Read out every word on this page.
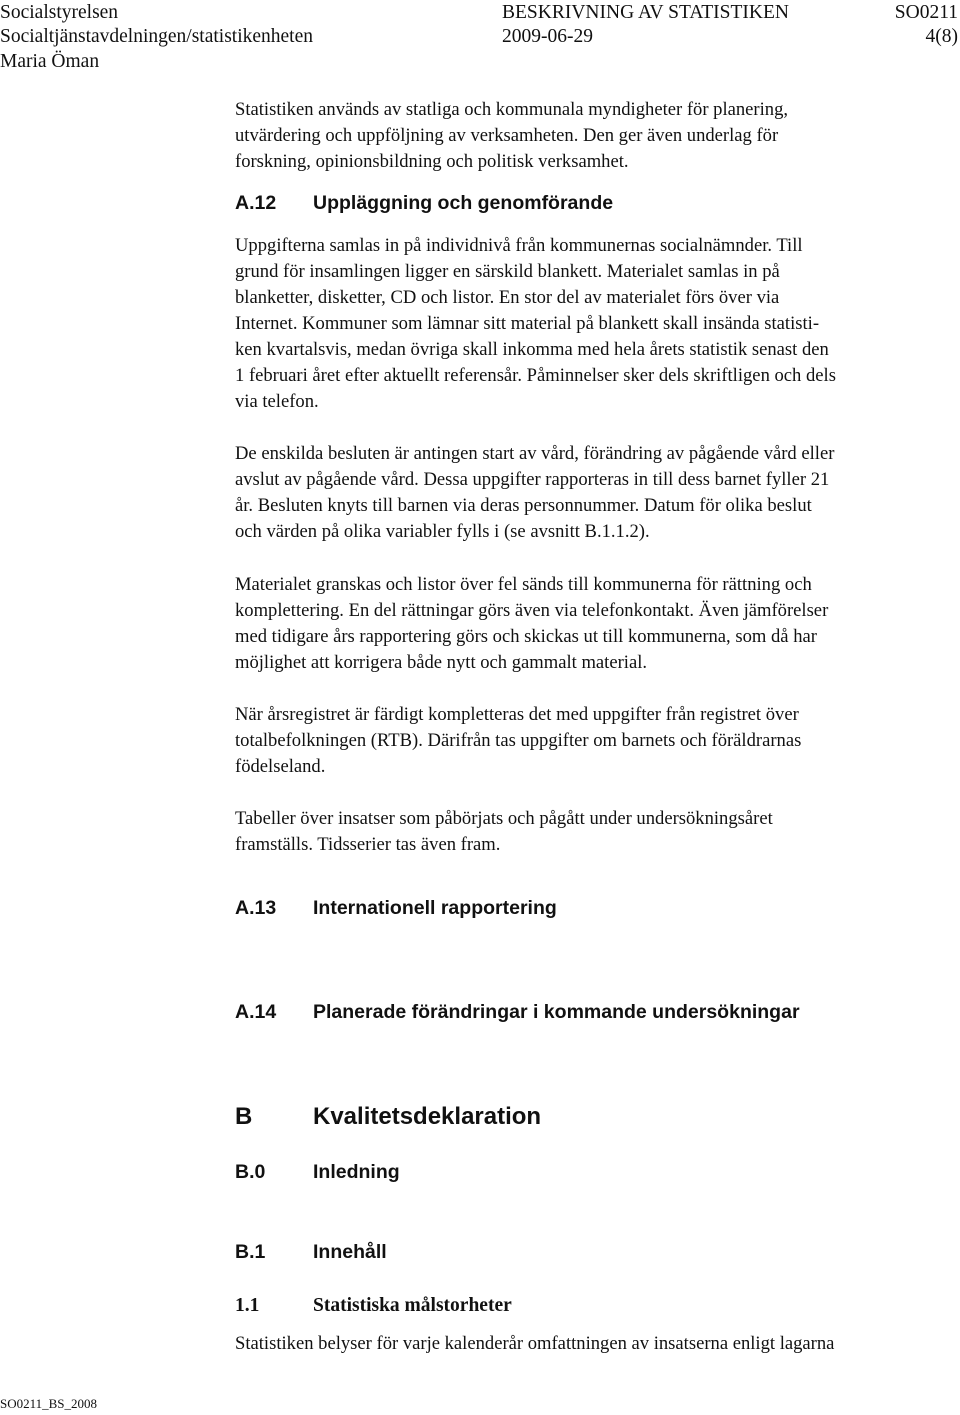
Socialstyrelsen	BESKRIVNING AV STATISTIKEN	SO0211
Socialtjänstavdelningen/statistikenheten	2009-06-29	4(8)
Maria Öman
Statistiken används av statliga och kommunala myndigheter för planering,
utvärdering och uppföljning av verksamheten. Den ger även underlag för
forskning, opinionsbildning och politisk verksamhet.
A.12 Uppläggning och genomförande
Uppgifterna samlas in på individnivå från kommunernas socialnämnder. Till
grund för insamlingen ligger en särskild blankett. Materialet samlas in på
blanketter, disketter, CD och listor. En stor del av materialet förs över via
Internet. Kommuner som lämnar sitt material på blankett skall insända statisti-
ken kvartalsvis, medan övriga skall inkomma med hela årets statistik senast den
1 februari året efter aktuellt referensår. Påminnelser sker dels skriftligen och dels
via telefon.
De enskilda besluten är antingen start av vård, förändring av pågående vård eller
avslut av pågående vård. Dessa uppgifter rapporteras in till dess barnet fyller 21
år. Besluten knyts till barnen via deras personnummer. Datum för olika beslut
och värden på olika variabler fylls i (se avsnitt B.1.1.2).
Materialet granskas och listor över fel sänds till kommunerna för rättning och
komplettering. En del rättningar görs även via telefonkontakt. Även jämförelser
med tidigare års rapportering görs och skickas ut till kommunerna, som då har
möjlighet att korrigera både nytt och gammalt material.
När årsregistret är färdigt kompletteras det med uppgifter från registret över
totalbefolkningen (RTB). Därifrån tas uppgifter om barnets och föräldrarnas
födelseland.
Tabeller över insatser som påbörjats och pågått under undersökningsåret
framställs. Tidsserier tas även fram.
A.13 Internationell rapportering
A.14 Planerade förändringar i kommande undersökningar
B	Kvalitetsdeklaration
B.0 Inledning
B.1 Innehåll
1.1	Statistiska målstorheter
Statistiken belyser för varje kalenderår omfattningen av insatserna enligt lagarna
SO0211_BS_2008
